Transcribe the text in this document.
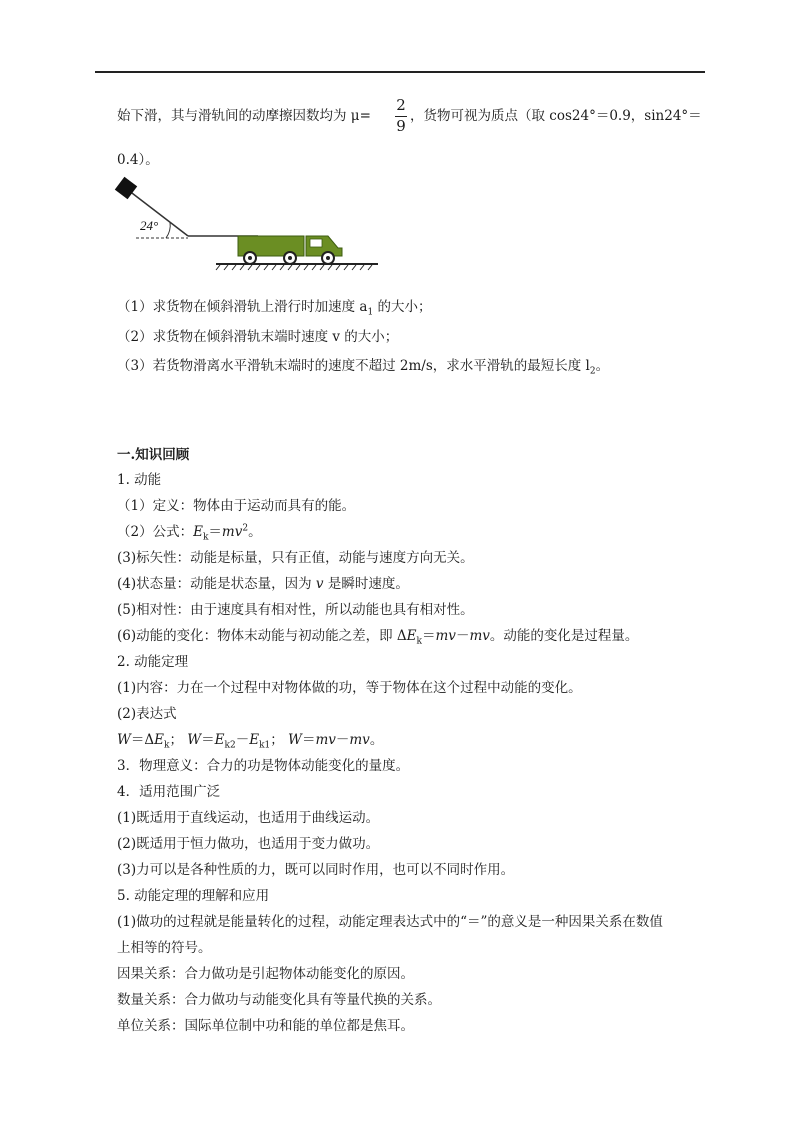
始下滑，其与滑轨间的动摩擦因数均为 μ=
2
9
，货物可视为质点（取 cos24°＝0.9，sin24°＝
0.4）。
24°
（1）求货物在倾斜滑轨上滑行时加速度 $a_1$ 的大小；
（2）求货物在倾斜滑轨末端时速度 v 的大小；
（3）若货物滑离水平滑轨末端时的速度不超过 2m/s，求水平滑轨的最短长度 $l_2$。
一.知识回顾
1. 动能
（1）定义：物体由于运动而具有的能。
（2）公式：$E_k=mv^2$。
(3)标矢性：动能是标量，只有正值，动能与速度方向无关。
(4)状态量：动能是状态量，因为 v 是瞬时速度。
(5)相对性：由于速度具有相对性，所以动能也具有相对性。
(6)动能的变化：物体末动能与初动能之差，即 $\Delta E_k=mv-mv$。动能的变化是过程量。
2. 动能定理
(1)内容：力在一个过程中对物体做的功，等于物体在这个过程中动能的变化。
(2)表达式
$W=\Delta E_k$； $W=E_{k2}-E_{k1}$； W＝mv－mv。
3．物理意义：合力的功是物体动能变化的量度。
4．适用范围广泛
(1)既适用于直线运动，也适用于曲线运动。
(2)既适用于恒力做功，也适用于变力做功。
(3)力可以是各种性质的力，既可以同时作用，也可以不同时作用。
5. 动能定理的理解和应用
(1)做功的过程就是能量转化的过程，动能定理表达式中的“＝”的意义是一种因果关系在数值
上相等的符号。
因果关系：合力做功是引起物体动能变化的原因。
数量关系：合力做功与动能变化具有等量代换的关系。
单位关系：国际单位制中功和能的单位都是焦耳。
